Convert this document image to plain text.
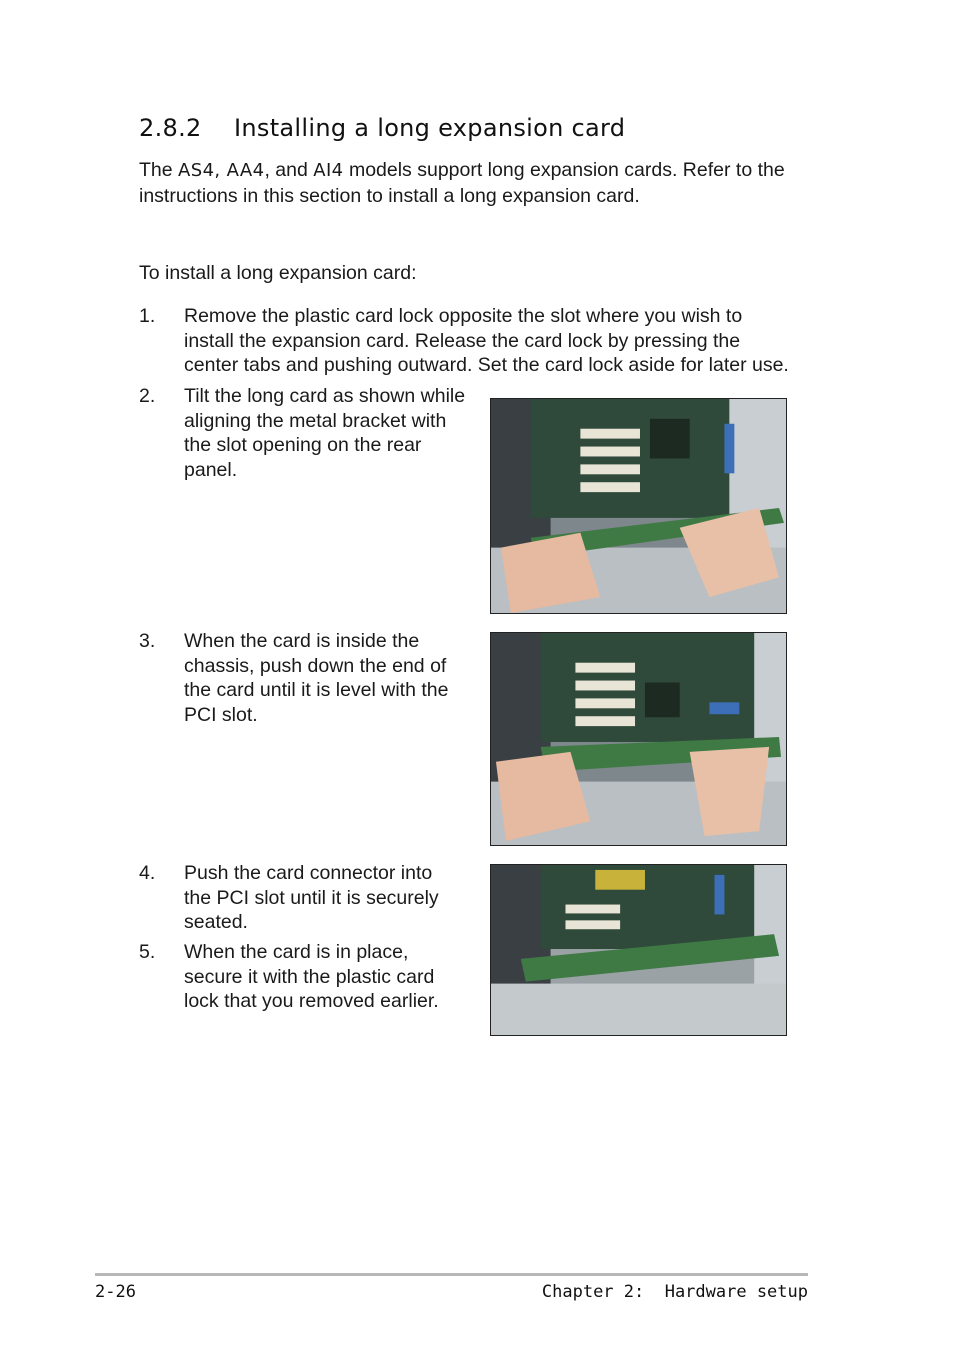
2.8.2 Installing a long expansion card
The AS4, AA4, and AI4 models support long expansion cards. Refer to the instructions in this section to install a long expansion card.
To install a long expansion card:
1. Remove the plastic card lock opposite the slot where you wish to
install the expansion card. Release the card lock by pressing the
center tabs and pushing outward. Set the card lock aside for later use.
2. Tilt the long card as shown while
aligning the metal bracket with
the slot opening on the rear
panel.
3. When the card is inside the
chassis, push down the end of
the card until it is level with the
PCI slot.
4. Push the card connector into
the PCI slot until it is securely
seated.
5. When the card is in place,
secure it with the plastic card
lock that you removed earlier.
2-26	Chapter 2:  Hardware setup
